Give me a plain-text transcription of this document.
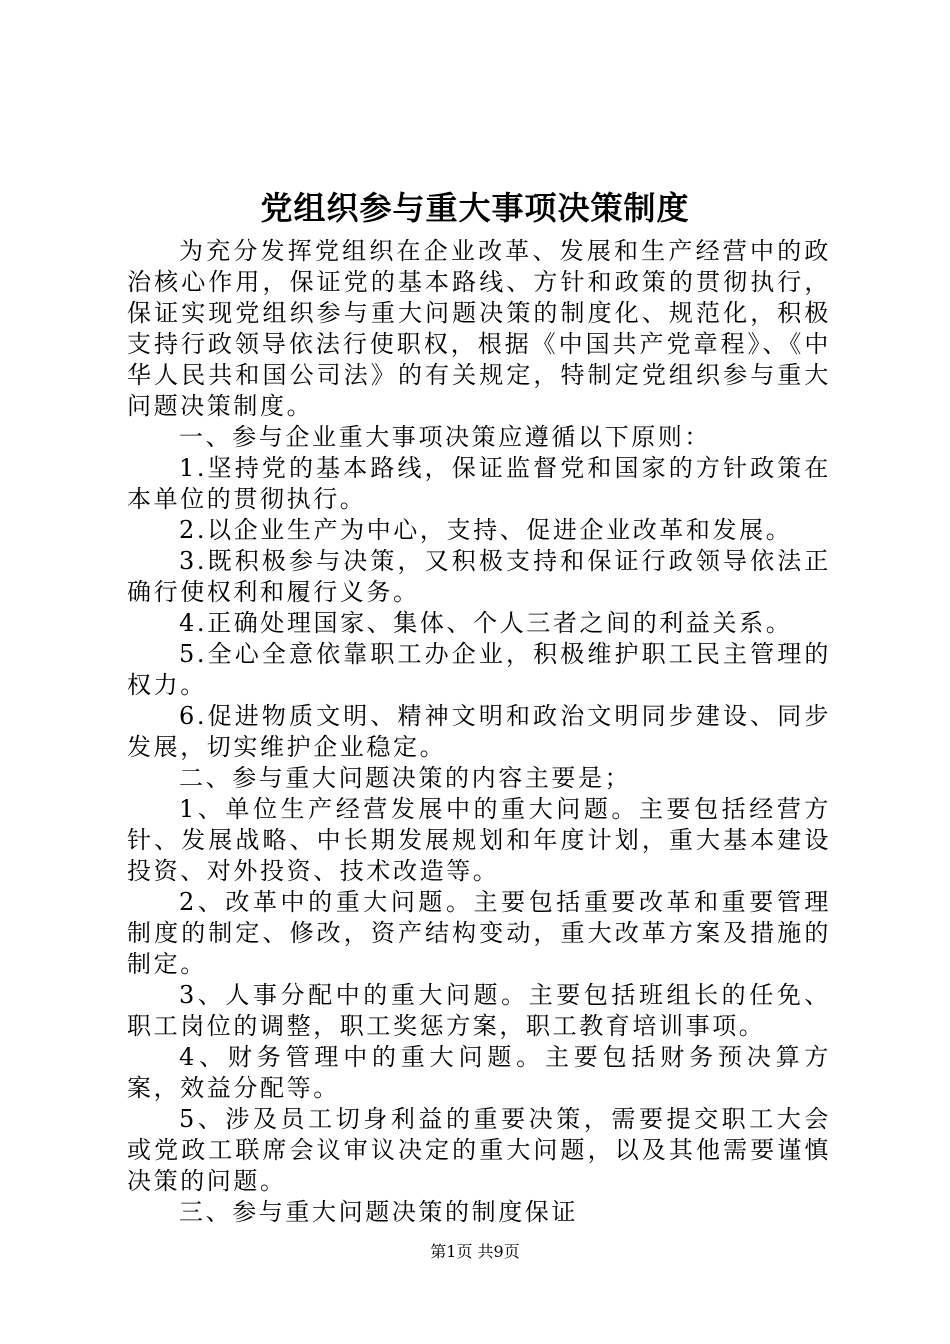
党组织参与重大事项决策制度

为充分发挥党组织在企业改革、发展和生产经营中的政治核心作用，保证党的基本路线、方针和政策的贯彻执行，保证实现党组织参与重大问题决策的制度化、规范化，积极支持行政领导依法行使职权，根据《中国共产党章程》、《中华人民共和国公司法》的有关规定，特制定党组织参与重大问题决策制度。

一、参与企业重大事项决策应遵循以下原则：

1.坚持党的基本路线，保证监督党和国家的方针政策在本单位的贯彻执行。

2.以企业生产为中心，支持、促进企业改革和发展。

3.既积极参与决策，又积极支持和保证行政领导依法正确行使权利和履行义务。

4.正确处理国家、集体、个人三者之间的利益关系。

5.全心全意依靠职工办企业，积极维护职工民主管理的权力。

6.促进物质文明、精神文明和政治文明同步建设、同步发展，切实维护企业稳定。

二、参与重大问题决策的内容主要是；

1、单位生产经营发展中的重大问题。主要包括经营方针、发展战略、中长期发展规划和年度计划，重大基本建设投资、对外投资、技术改造等。

2、改革中的重大问题。主要包括重要改革和重要管理制度的制定、修改，资产结构变动，重大改革方案及措施的制定。

3、人事分配中的重大问题。主要包括班组长的任免、职工岗位的调整，职工奖惩方案，职工教育培训事项。

4、财务管理中的重大问题。主要包括财务预决算方案，效益分配等。

5、涉及员工切身利益的重要决策，需要提交职工大会或党政工联席会议审议决定的重大问题，以及其他需要谨慎决策的问题。

三、参与重大问题决策的制度保证

第1页 共9页
